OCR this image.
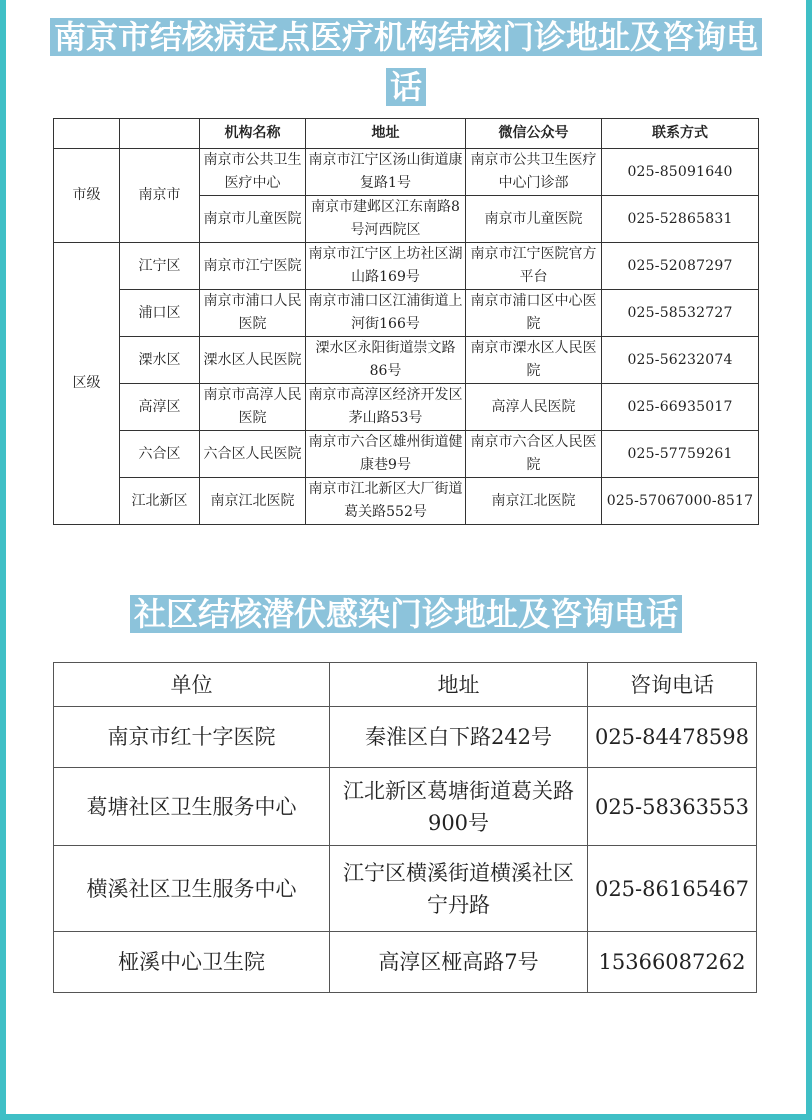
南京市结核病定点医疗机构结核门诊地址及咨询电话
		机构名称	地址	微信公众号	联系方式
市级	南京市	南京市公共卫生医疗中心	南京市江宁区汤山街道康复路1号	南京市公共卫生医疗中心门诊部	025-85091640
		南京市儿童医院	南京市建邺区江东南路8号河西院区	南京市儿童医院	025-52865831
区级	江宁区	南京市江宁医院	南京市江宁区上坊社区湖山路169号	南京市江宁医院官方平台	025-52087297
	浦口区	南京市浦口人民医院	南京市浦口区江浦街道上河街166号	南京市浦口区中心医院	025-58532727
	溧水区	溧水区人民医院	溧水区永阳街道崇文路86号	南京市溧水区人民医院	025-56232074
	高淳区	南京市高淳人民医院	南京市高淳区经济开发区茅山路53号	高淳人民医院	025-66935017
	六合区	六合区人民医院	南京市六合区雄州街道健康巷9号	南京市六合区人民医院	025-57759261
	江北新区	南京江北医院	南京市江北新区大厂街道葛关路552号	南京江北医院	025-57067000-8517
社区结核潜伏感染门诊地址及咨询电话
单位	地址	咨询电话
南京市红十字医院	秦淮区白下路242号	025-84478598
葛塘社区卫生服务中心	江北新区葛塘街道葛关路900号	025-58363553
横溪社区卫生服务中心	江宁区横溪街道横溪社区宁丹路	025-86165467
桠溪中心卫生院	高淳区桠高路7号	15366087262
